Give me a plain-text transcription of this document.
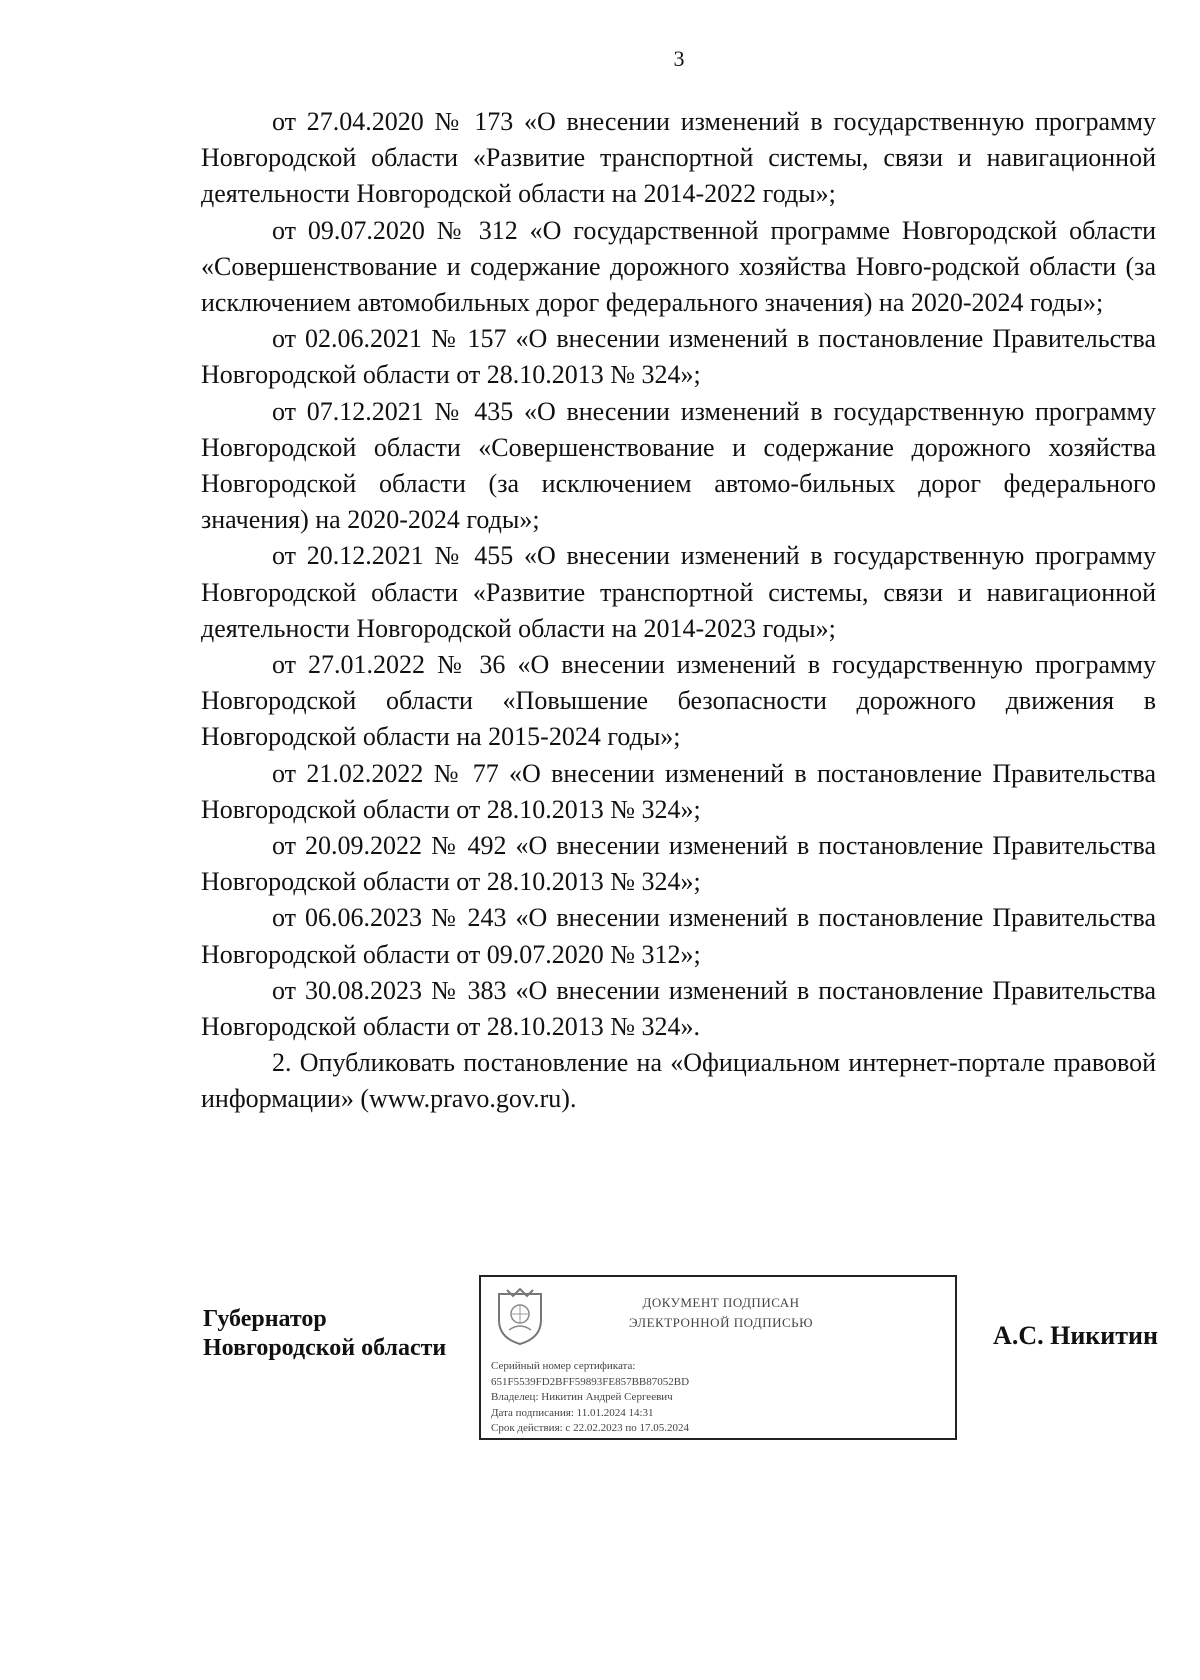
3

от 27.04.2020 № 173 «О внесении изменений в государственную программу Новгородской области «Развитие транспортной системы, связи и навигационной деятельности Новгородской области на 2014-2022 годы»;

от 09.07.2020 № 312 «О государственной программе Новгородской области «Совершенствование и содержание дорожного хозяйства Новго-родской области (за исключением автомобильных дорог федерального значения) на 2020-2024 годы»;

от 02.06.2021 № 157 «О внесении изменений в постановление Правительства Новгородской области от 28.10.2013 № 324»;

от 07.12.2021 № 435 «О внесении изменений в государственную программу Новгородской области «Совершенствование и содержание дорожного хозяйства Новгородской области (за исключением автомо-бильных дорог федерального значения) на 2020-2024 годы»;

от 20.12.2021 № 455 «О внесении изменений в государственную программу Новгородской области «Развитие транспортной системы, связи и навигационной деятельности Новгородской области на 2014-2023 годы»;

от 27.01.2022 № 36 «О внесении изменений в государственную программу Новгородской области «Повышение безопасности дорожного движения в Новгородской области на 2015-2024 годы»;

от 21.02.2022 № 77 «О внесении изменений в постановление Правительства Новгородской области от 28.10.2013 № 324»;

от 20.09.2022 № 492 «О внесении изменений в постановление Правительства Новгородской области от 28.10.2013 № 324»;

от 06.06.2023 № 243 «О внесении изменений в постановление Правительства Новгородской области от 09.07.2020 № 312»;

от 30.08.2023 № 383 «О внесении изменений в постановление Правительства Новгородской области от 28.10.2013 № 324».

2. Опубликовать постановление на «Официальном интернет-портале правовой информации» (www.pravo.gov.ru).

Губернатор
Новгородской области
ДОКУМЕНТ ПОДПИСАН
ЭЛЕКТРОННОЙ ПОДПИСЬЮ
Серийный номер сертификата:
651F5539FD2BFF59893FE857BB87052BD
Владелец: Никитин Андрей Сергеевич
Дата подписания: 11.01.2024 14:31
Срок действия: с 22.02.2023 по 17.05.2024
А.С. Никитин
